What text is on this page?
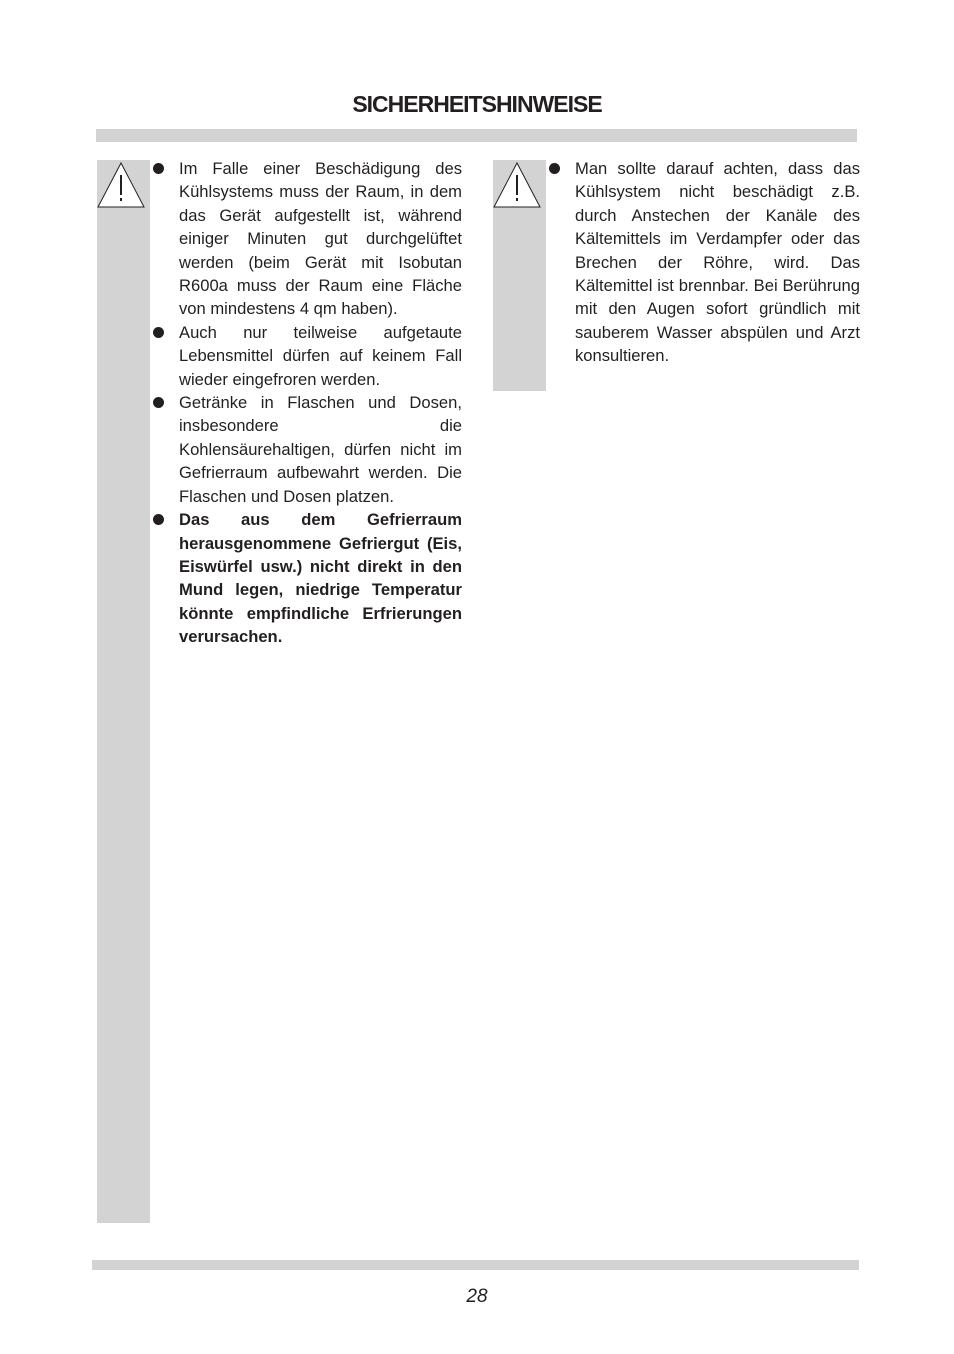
SICHERHEITSHINWEISE
Im Falle einer Beschädigung des Kühlsystems muss der Raum, in dem das Gerät aufgestellt ist, während einiger Minuten gut durchgelüftet werden (beim Gerät mit Isobutan R600a muss der Raum eine Fläche von mindestens 4 qm haben).
Auch nur teilweise aufgetaute Lebensmittel dürfen auf keinem Fall wieder eingefroren werden.
Getränke in Flaschen und Dosen, insbesondere die Kohlensäurehaltigen, dürfen nicht im Gefrierraum aufbewahrt werden. Die Flaschen und Dosen platzen.
Das aus dem Gefrierraum herausgenommene Gefriergut (Eis, Eiswürfel usw.) nicht direkt in den Mund legen, niedrige Temperatur könnte empfindliche Erfrierungen verursachen.
Man sollte darauf achten, dass das Kühlsystem nicht beschädigt z.B. durch Anstechen der Kanäle des Kältemittels im Verdampfer oder das Brechen der Röhre, wird. Das Kältemittel ist brennbar. Bei Berührung mit den Augen sofort gründlich mit sauberem Wasser abspülen und Arzt konsultieren.
28
